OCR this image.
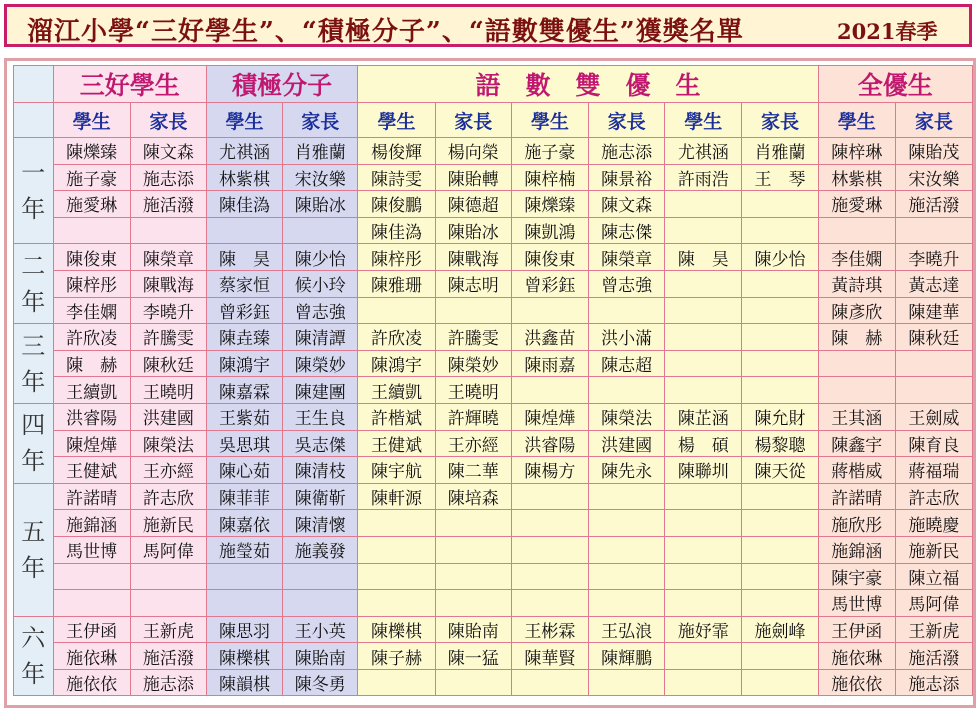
溜江小學“三好學生”、“積極分子”、“語數雙優生”獲獎名單	2021春季
	三好學生		積極分子		語　數　雙　優　生						全優生	
	學生	家長	學生	家長	學生	家長	學生	家長	學生	家長	學生	家長

一
年	陳爍臻	陳文森	尤祺涵	肖雅蘭	楊俊輝	楊向榮	施子豪	施志添	尤祺涵	肖雅蘭	陳梓琳	陳貽茂
	施子豪	施志添	林紫棋	宋汝樂	陳詩雯	陳貽轉	陳梓楠	陳景裕	許雨浩	王　琴	林紫棋	宋汝樂
	施愛琳	施活潑	陳佳溈	陳貽冰	陳俊鵬	陳德超	陳爍臻	陳文森			施愛琳	施活潑
					陳佳溈	陳貽冰	陳凱鴻	陳志傑				

二
年	陳俊東	陳榮章	陳　昊	陳少怡	陳梓彤	陳戰海	陳俊東	陳榮章	陳　昊	陳少怡	李佳嫻	李曉升
	陳梓彤	陳戰海	蔡家恒	候小玲	陳雅珊	陳志明	曾彩鈺	曾志強			黃詩琪	黃志達
	李佳嫻	李曉升	曾彩鈺	曾志強							陳彥欣	陳建華

三
年	許欣凌	許騰雯	陳垚臻	陳清譚	許欣凌	許騰雯	洪鑫苗	洪小滿			陳　赫	陳秋廷
	陳　赫	陳秋廷	陳鴻宇	陳榮妙	陳鴻宇	陳榮妙	陳雨嘉	陳志超				
	王續凱	王曉明	陳嘉霖	陳建團	王續凱	王曉明						

四
年	洪睿陽	洪建國	王紫茹	王生良	許楷斌	許輝曉	陳煌燁	陳榮法	陳芷涵	陳允財	王其涵	王劍威
	陳煌燁	陳榮法	吳思琪	吳志傑	王健斌	王亦經	洪睿陽	洪建國	楊　碩	楊黎聰	陳鑫宇	陳育良
	王健斌	王亦經	陳心茹	陳清枝	陳宇航	陳二華	陳楊方	陳先永	陳聯圳	陳天從	蔣楷威	蔣福瑞

五
年	許諾晴	許志欣	陳菲菲	陳衛靳	陳軒源	陳培森					許諾晴	許志欣
	施錦涵	施新民	陳嘉依	陳清懷							施欣彤	施曉慶
	馬世博	馬阿偉	施瑩茹	施義發							施錦涵	施新民
											陳宇豪	陳立福
											馬世博	馬阿偉

六
年	王伊函	王新虎	陳思羽	王小英	陳櫟棋	陳貽南	王彬霖	王弘浪	施妤霏	施劍峰	王伊函	王新虎
	施依琳	施活潑	陳櫟棋	陳貽南	陳子赫	陳一猛	陳華賢	陳輝鵬			施依琳	施活潑
	施依依	施志添	陳韻棋	陳冬勇							施依依	施志添
